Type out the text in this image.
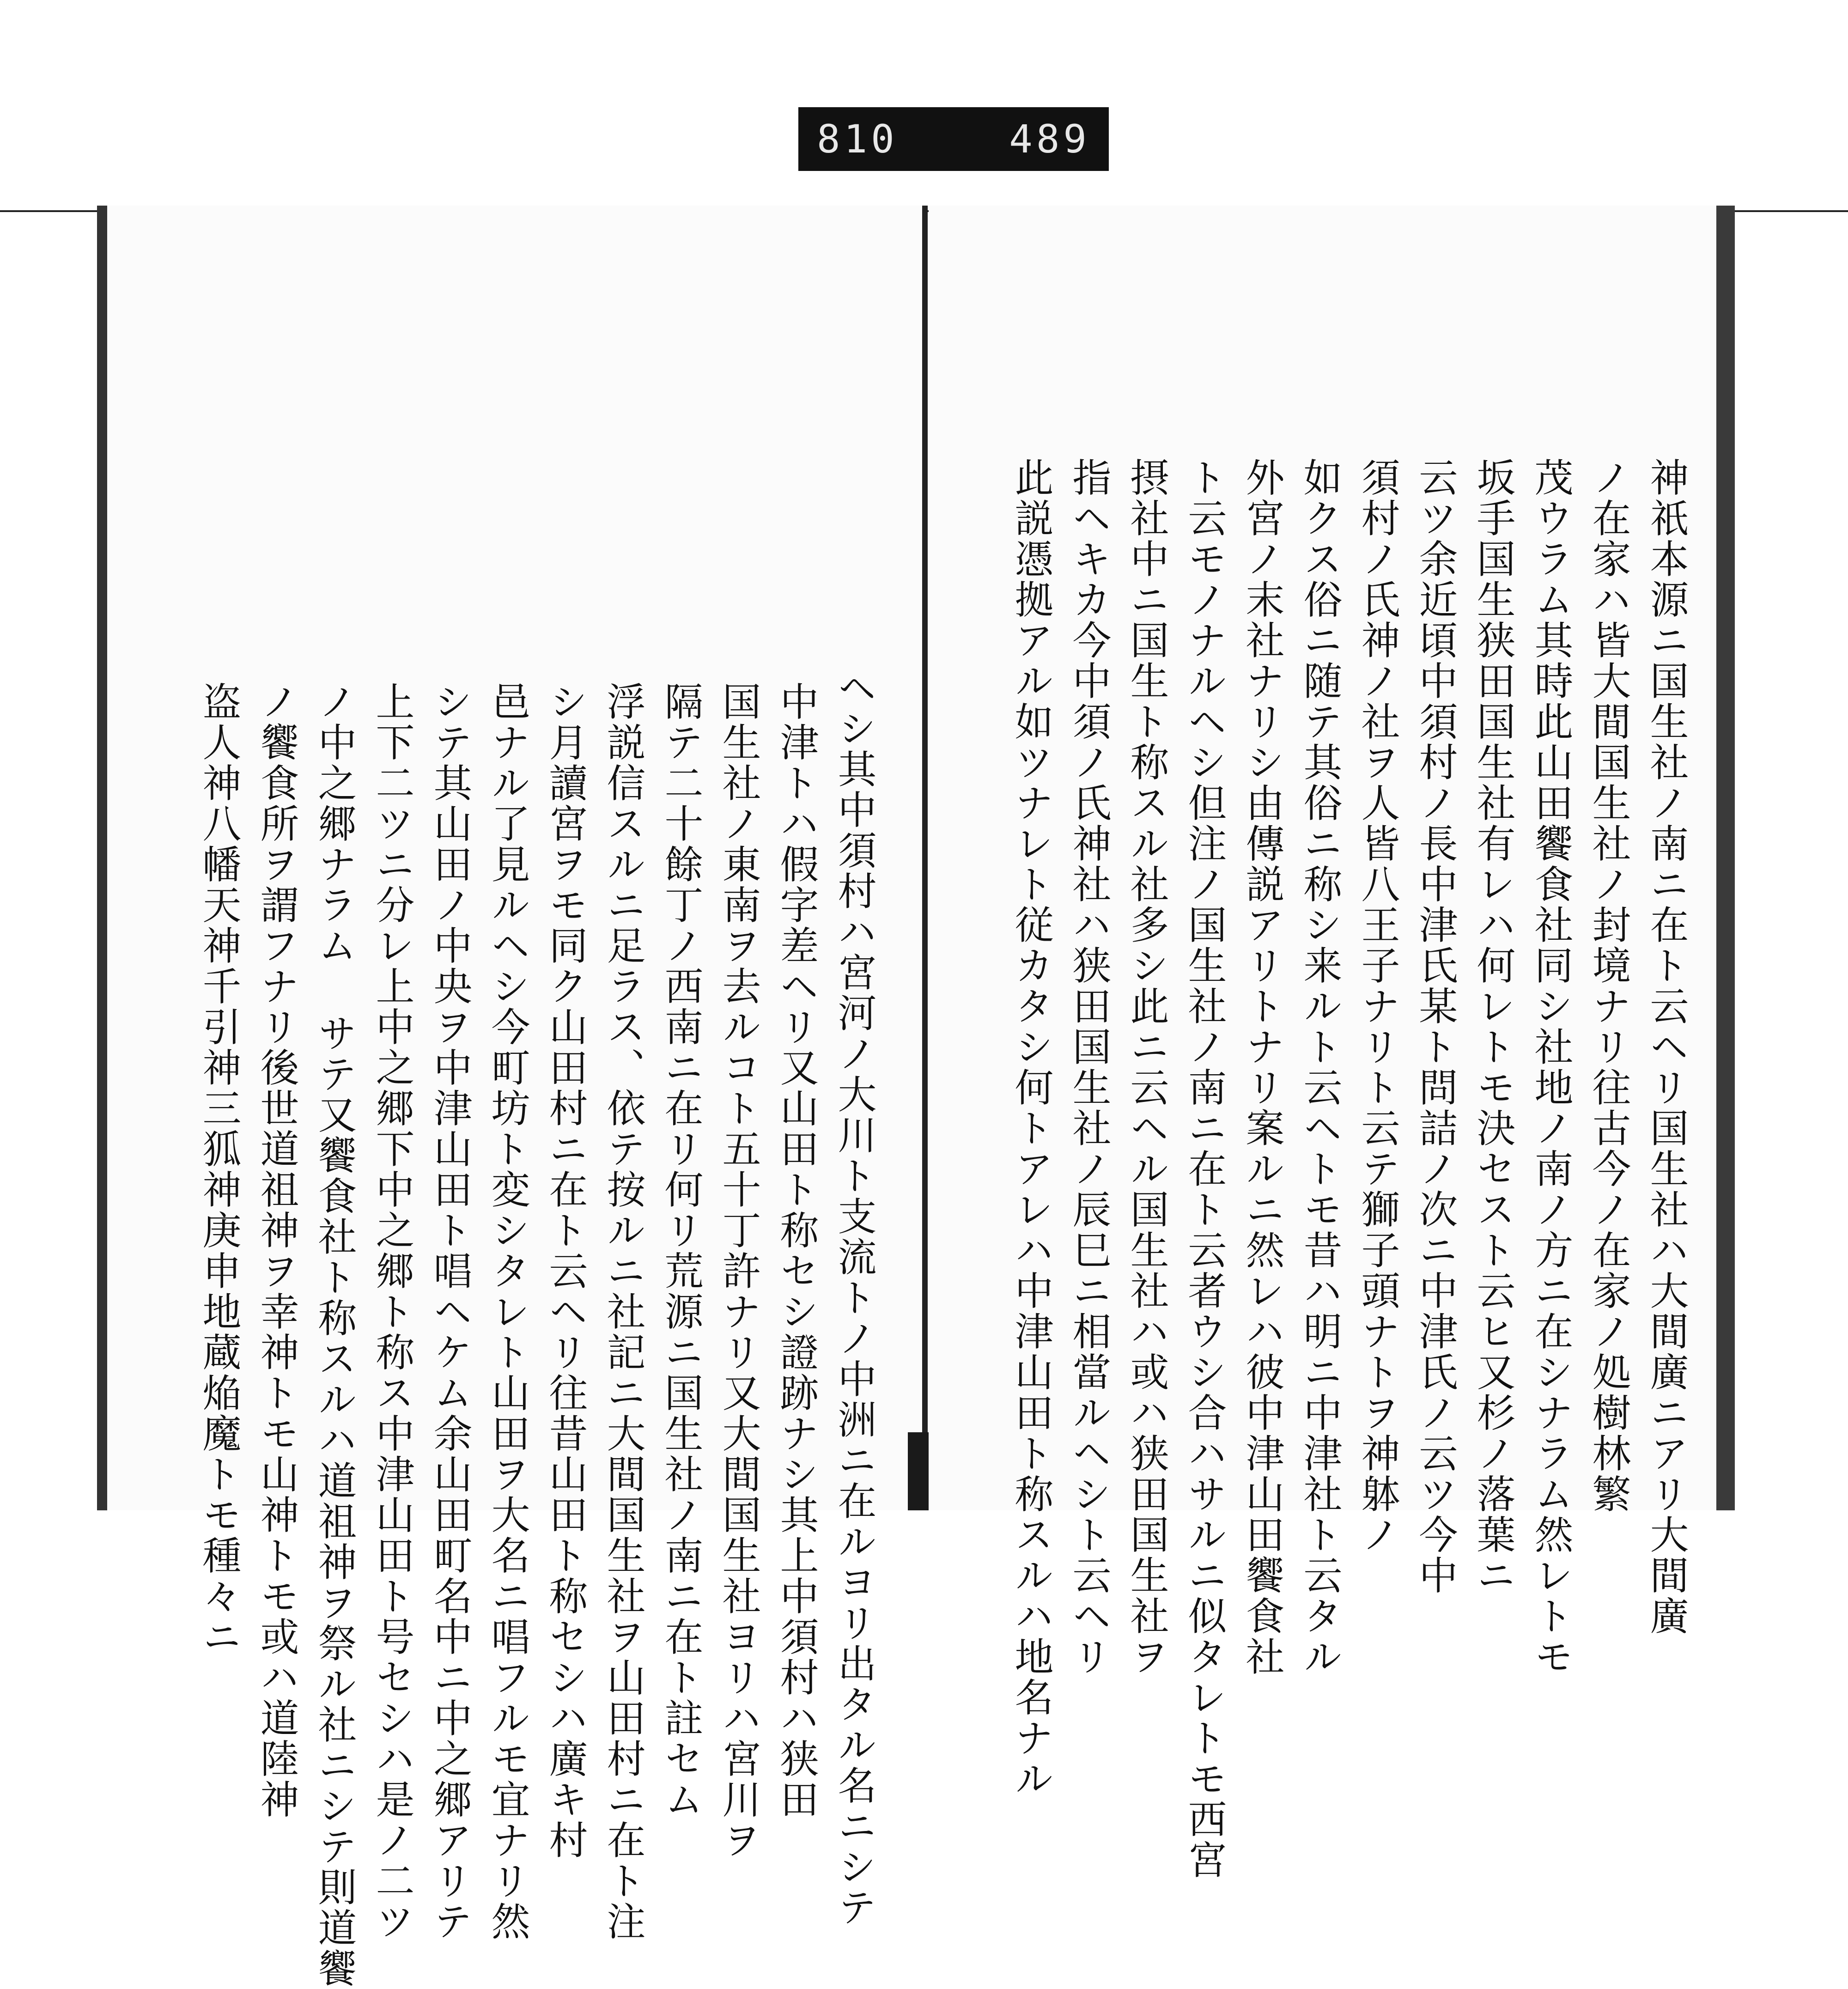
810	489
ヘシ其中須村ハ宮河ノ大川ト支流トノ中洲ニ在ルヨリ出タル名ニシテ
中津トハ假字差ヘリ又山田ト称セシ證跡ナシ其上中須村ハ狭田
国生社ノ東南ヲ去ルコト五十丁許ナリ又大間国生社ヨリハ宮川ヲ
隔テ二十餘丁ノ西南ニ在リ何リ荒源ニ国生社ノ南ニ在ト註セム
浮説信スルニ足ラス、依テ按ルニ社記ニ大間国生社ヲ山田村ニ在ト注
シ月讀宮ヲモ同ク山田村ニ在ト云ヘリ往昔山田ト称セシハ廣キ村
邑ナル了見ルヘシ今町坊ト変シタレト山田ヲ大名ニ唱フルモ宜ナリ然
シテ其山田ノ中央ヲ中津山田ト唱ヘケム余山田町名中ニ中之郷アリテ
上下二ツニ分レ上中之郷下中之郷ト称ス中津山田ト号セシハ是ノ二ツ
ノ中之郷ナラム サテ又饗食社ト称スルハ道祖神ヲ祭ル社ニシテ則道饗
ノ饗食所ヲ謂フナリ後世道祖神ヲ幸神トモ山神トモ或ハ道陸神
盗人神八幡天神千引神三狐神庚申地蔵焔魔トモ種々ニ	神祇本源ニ国生社ノ南ニ在ト云ヘリ国生社ハ大間廣ニアリ大間廣
ノ在家ハ皆大間国生社ノ封境ナリ往古今ノ在家ノ処樹林繁
茂ウラム其時此山田饗食社同シ社地ノ南ノ方ニ在シナラム然レトモ
坂手国生狭田国生社有レハ何レトモ決セスト云ヒ又杉ノ落葉ニ
云ツ余近頃中須村ノ長中津氏某ト問詰ノ次ニ中津氏ノ云ツ今中
須村ノ氏神ノ社ヲ人皆八王子ナリト云テ獅子頭ナトヲ神躰ノ
如クス俗ニ随テ其俗ニ称シ来ルト云ヘトモ昔ハ明ニ中津社ト云タル
外宮ノ末社ナリシ由傳説アリトナリ案ルニ然レハ彼中津山田饗食社
ト云モノナルヘシ但注ノ国生社ノ南ニ在ト云者ウシ合ハサルニ似タレトモ西宮
摂社中ニ国生ト称スル社多シ此ニ云ヘル国生社ハ或ハ狭田国生社ヲ
指ヘキカ今中須ノ氏神社ハ狭田国生社ノ辰巳ニ相當ルヘシト云ヘリ
此説憑拠アル如ツナレト従カタシ何トアレハ中津山田ト称スルハ地名ナル
